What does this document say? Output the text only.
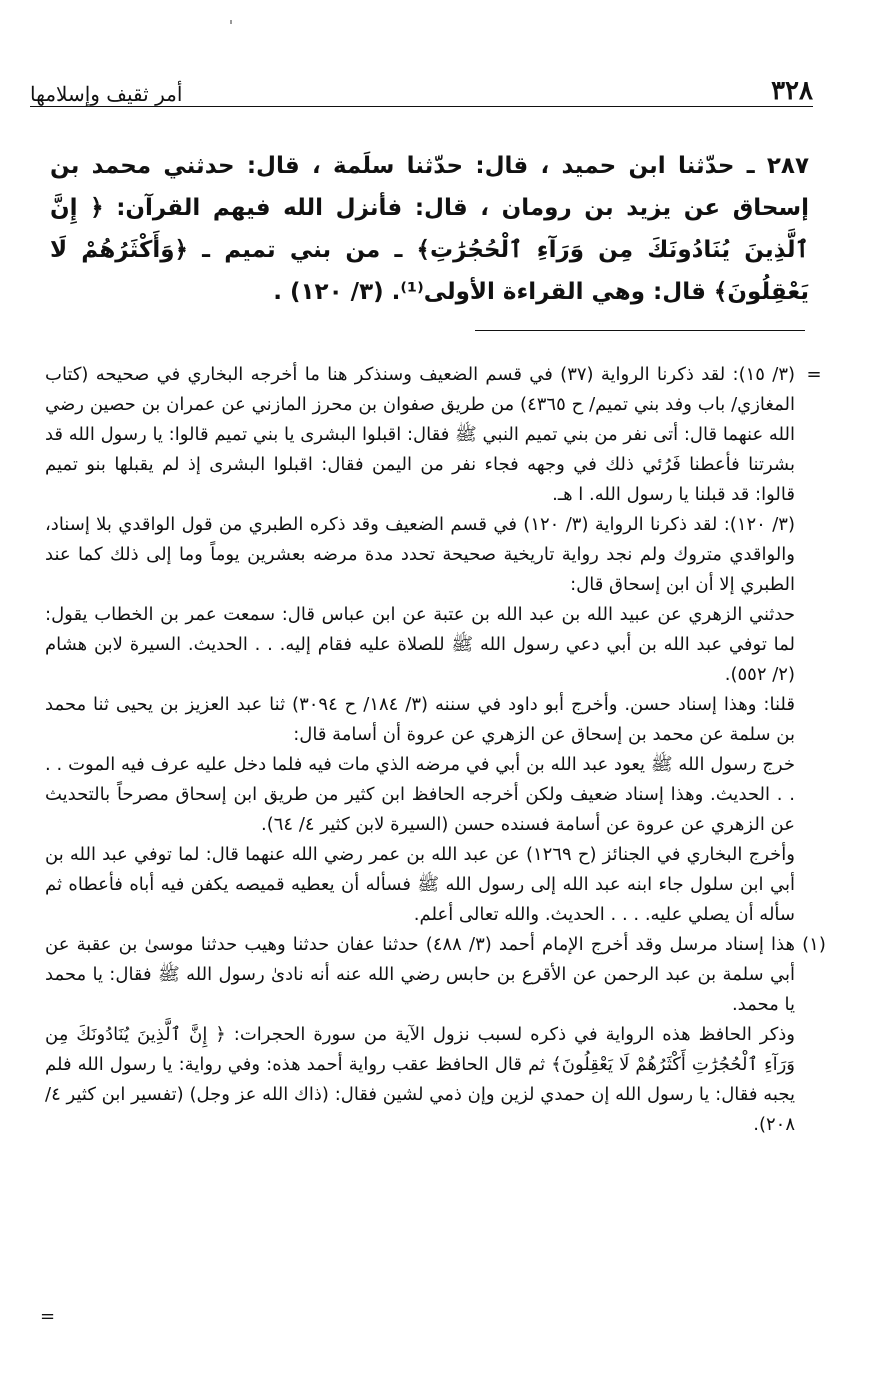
٣٢٨
أمر ثقيف وإسلامها

٢٨٧ ـ حدّثنا ابن حميد ، قال: حدّثنا سلَمة ، قال: حدثني محمد بن إسحاق عن يزيد بن رومان ، قال: فأنزل الله فيهم القرآن: ﴿ إِنَّ ٱلَّذِينَ يُنَادُونَكَ مِن وَرَآءِ ٱلْحُجُرَٰتِ﴾ ـ من بني تميم ـ ﴿وَأَكْثَرُهُمْ لَا يَعْقِلُونَ﴾ قال: وهي القراءة الأولى⁽¹⁾. (٣/ ١٢٠) .

=

(٣/ ١٥): لقد ذكرنا الرواية (٣٧) في قسم الضعيف وسنذكر هنا ما أخرجه البخاري في صحيحه (كتاب المغازي/ باب وفد بني تميم/ ح ٤٣٦٥) من طريق صفوان بن محرز المازني عن عمران بن حصين رضي الله عنهما قال: أتى نفر من بني تميم النبي ﷺ فقال: اقبلوا البشرى يا بني تميم قالوا: يا رسول الله قد بشرتنا فأعطنا فَرُئي ذلك في وجهه فجاء نفر من اليمن فقال: اقبلوا البشرى إذ لم يقبلها بنو تميم قالوا: قد قبلنا يا رسول الله. ا هـ.

(٣/ ١٢٠): لقد ذكرنا الرواية (٣/ ١٢٠) في قسم الضعيف وقد ذكره الطبري من قول الواقدي بلا إسناد، والواقدي متروك ولم نجد رواية تاريخية صحيحة تحدد مدة مرضه بعشرين يوماً وما إلى ذلك كما عند الطبري إلا أن ابن إسحاق قال:

حدثني الزهري عن عبيد الله بن عبد الله بن عتبة عن ابن عباس قال: سمعت عمر بن الخطاب يقول: لما توفي عبد الله بن أبي دعي رسول الله ﷺ للصلاة عليه فقام إليه. . . الحديث. السيرة لابن هشام (٢/ ٥٥٢).

قلنا: وهذا إسناد حسن. وأخرج أبو داود في سننه (٣/ ١٨٤/ ح ٣٠٩٤) ثنا عبد العزيز بن يحيى ثنا محمد بن سلمة عن محمد بن إسحاق عن الزهري عن عروة أن أسامة قال:

خرج رسول الله ﷺ يعود عبد الله بن أبي في مرضه الذي مات فيه فلما دخل عليه عرف فيه الموت . . . . الحديث. وهذا إسناد ضعيف ولكن أخرجه الحافظ ابن كثير من طريق ابن إسحاق مصرحاً بالتحديث عن الزهري عن عروة عن أسامة فسنده حسن (السيرة لابن كثير ٤/ ٦٤).

وأخرج البخاري في الجنائز (ح ١٢٦٩) عن عبد الله بن عمر رضي الله عنهما قال: لما توفي عبد الله بن أبي ابن سلول جاء ابنه عبد الله إلى رسول الله ﷺ فسأله أن يعطيه قميصه يكفن فيه أباه فأعطاه ثم سأله أن يصلي عليه. . . . الحديث. والله تعالى أعلم.

(١)

هذا إسناد مرسل وقد أخرج الإمام أحمد (٣/ ٤٨٨) حدثنا عفان حدثنا وهيب حدثنا موسىٰ بن عقبة عن أبي سلمة بن عبد الرحمن عن الأقرع بن حابس رضي الله عنه أنه نادىٰ رسول الله ﷺ فقال: يا محمد يا محمد.

وذكر الحافظ هذه الرواية في ذكره لسبب نزول الآية من سورة الحجرات: ﴿ إِنَّ ٱلَّذِينَ يُنَادُونَكَ مِن وَرَآءِ ٱلْحُجُرَٰتِ أَكْثَرُهُمْ لَا يَعْقِلُونَ﴾ ثم قال الحافظ عقب رواية أحمد هذه: وفي رواية: يا رسول الله فلم يجبه فقال: يا رسول الله إن حمدي لزين وإن ذمي لشين فقال: (ذاك الله عز وجل) (تفسير ابن كثير ٤/ ٢٠٨).

=
